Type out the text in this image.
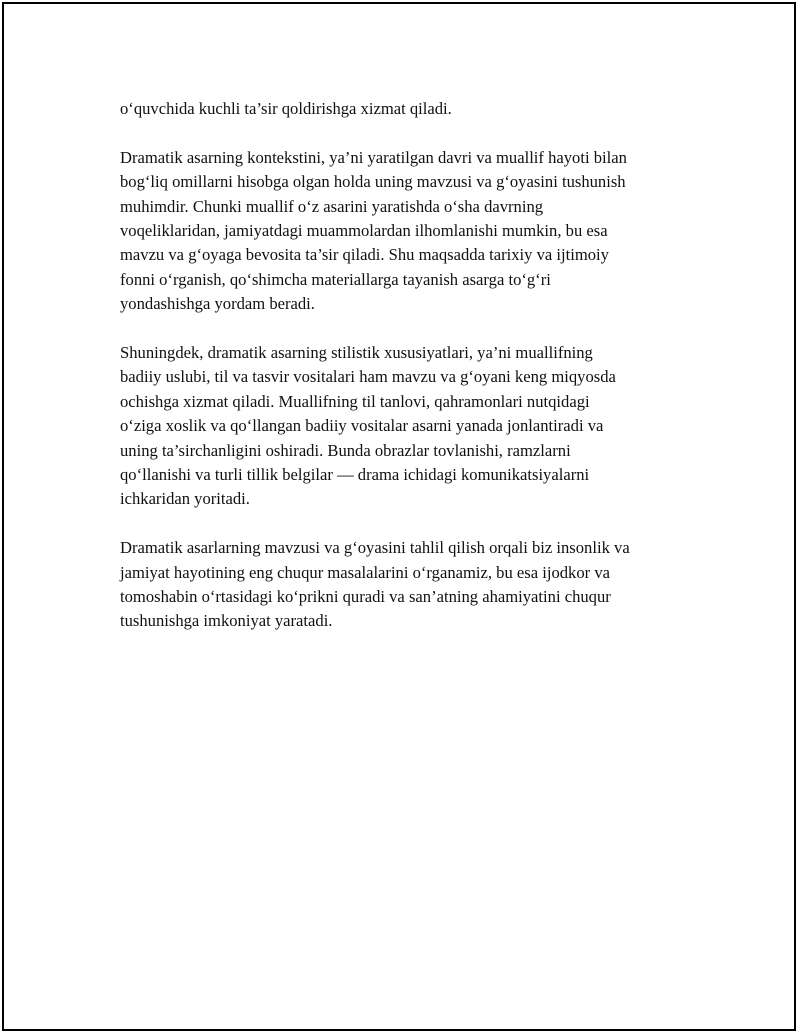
o‘quvchida kuchli ta’sir qoldirishga xizmat qiladi.

Dramatik asarning kontekstini, ya’ni yaratilgan davri va muallif hayoti bilan
bog‘liq omillarni hisobga olgan holda uning mavzusi va g‘oyasini tushunish
muhimdir. Chunki muallif o‘z asarini yaratishda o‘sha davrning
voqeliklaridan, jamiyatdagi muammolardan ilhomlanishi mumkin, bu esa
mavzu va g‘oyaga bevosita ta’sir qiladi. Shu maqsadda tarixiy va ijtimoiy
fonni o‘rganish, qo‘shimcha materiallarga tayanish asarga to‘g‘ri
yondashishga yordam beradi.

Shuningdek, dramatik asarning stilistik xususiyatlari, ya’ni muallifning
badiiy uslubi, til va tasvir vositalari ham mavzu va g‘oyani keng miqyosda
ochishga xizmat qiladi. Muallifning til tanlovi, qahramonlari nutqidagi
o‘ziga xoslik va qo‘llangan badiiy vositalar asarni yanada jonlantiradi va
uning ta’sirchanligini oshiradi. Bunda obrazlar tovlanishi, ramzlarni
qo‘llanishi va turli tillik belgilar — drama ichidagi komunikatsiyalarni
ichkaridan yoritadi.

Dramatik asarlarning mavzusi va g‘oyasini tahlil qilish orqali biz insonlik va
jamiyat hayotining eng chuqur masalalarini o‘rganamiz, bu esa ijodkor va
tomoshabin o‘rtasidagi ko‘prikni quradi va san’atning ahamiyatini chuqur
tushunishga imkoniyat yaratadi.
